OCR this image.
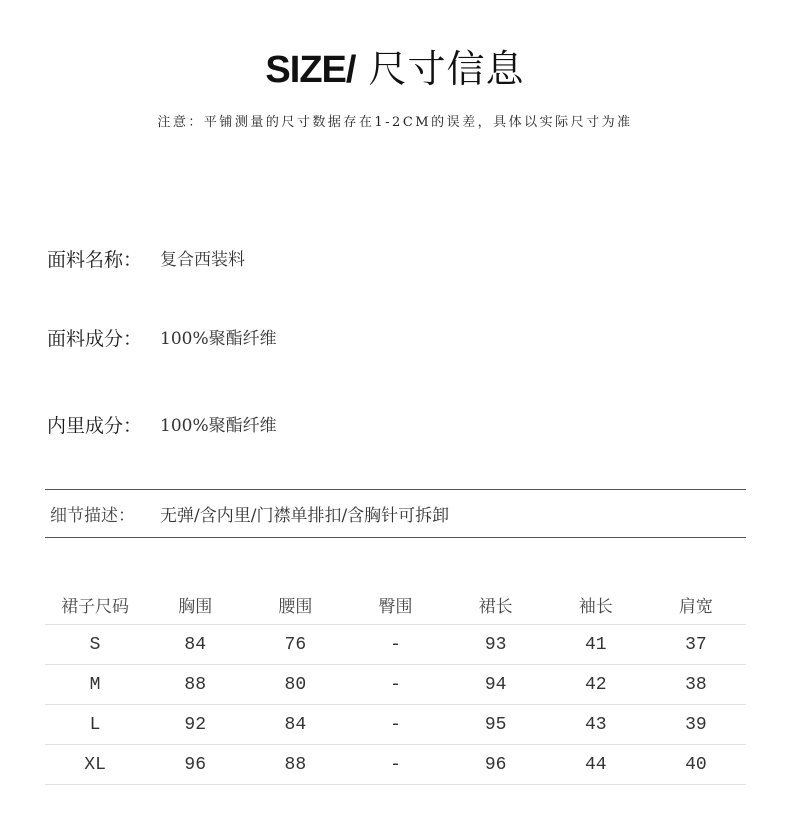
SIZE/ 尺寸信息
注意：平铺测量的尺寸数据存在1-2CM的误差，具体以实际尺寸为准
面料名称： 复合西装料
面料成分： 100%聚酯纤维
内里成分： 100%聚酯纤维
细节描述： 无弹/含内里/门襟单排扣/含胸针可拆卸
裙子尺码	胸围	腰围	臀围	裙长	袖长	肩宽
S	84	76	-	93	41	37
M	88	80	-	94	42	38
L	92	84	-	95	43	39
XL	96	88	-	96	44	40
